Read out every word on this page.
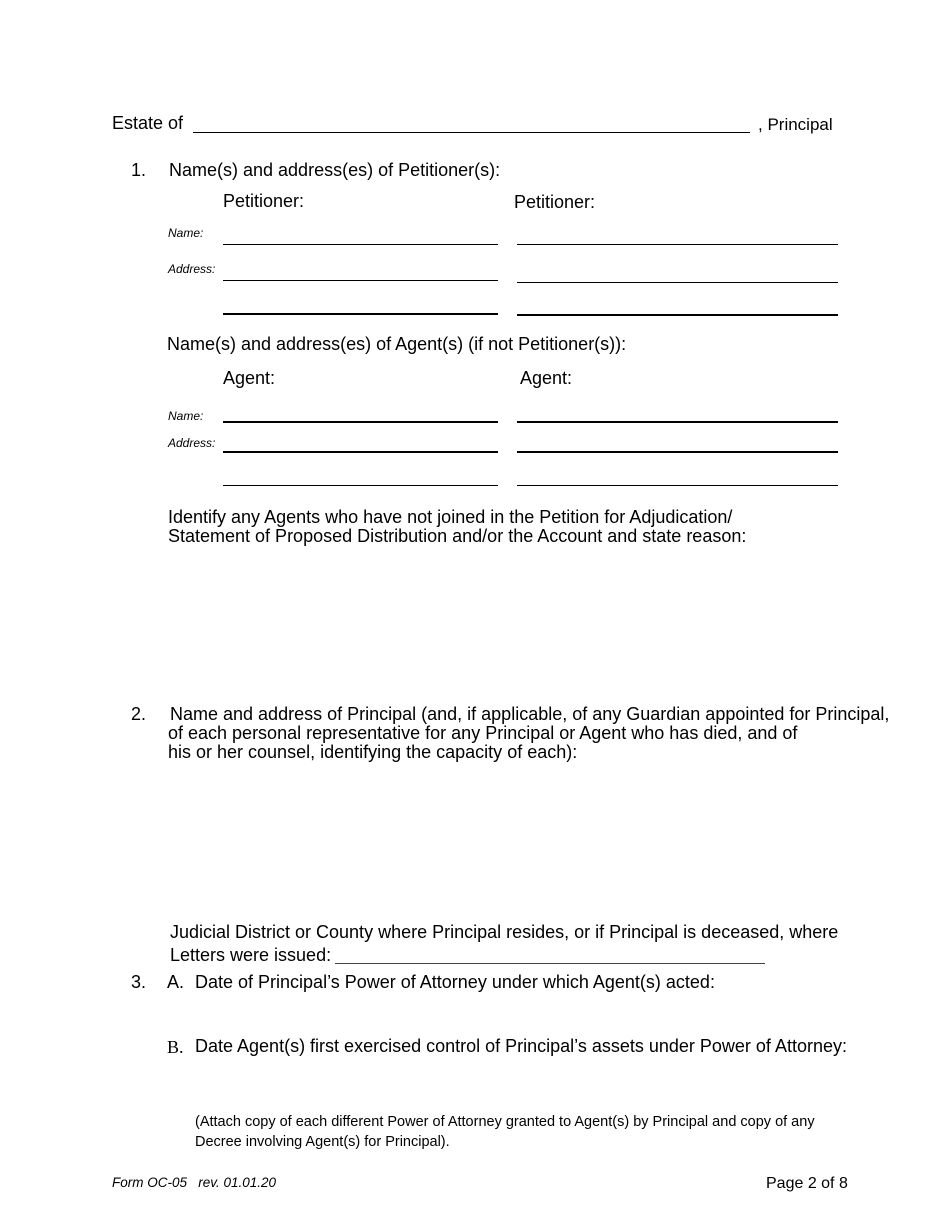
Estate of	, Principal
1. Name(s) and address(es) of Petitioner(s):
Petitioner:	Petitioner:
Name:
Address:
Name(s) and address(es) of Agent(s) (if not Petitioner(s)):
Agent:	Agent:
Name:
Address:
Identify any Agents who have not joined in the Petition for Adjudication/
Statement of Proposed Distribution and/or the Account and state reason:
2. Name and address of Principal (and, if applicable, of any Guardian appointed for Principal,
of each personal representative for any Principal or Agent who has died, and of
his or her counsel, identifying the capacity of each):
Judicial District or County where Principal resides, or if Principal is deceased, where
Letters were issued:
3. A. Date of Principal’s Power of Attorney under which Agent(s) acted:
B. Date Agent(s) first exercised control of Principal’s assets under Power of Attorney:
(Attach copy of each different Power of Attorney granted to Agent(s) by Principal and copy of any
Decree involving Agent(s) for Principal).
Form OC-05   rev. 01.01.20	Page 2 of 8
